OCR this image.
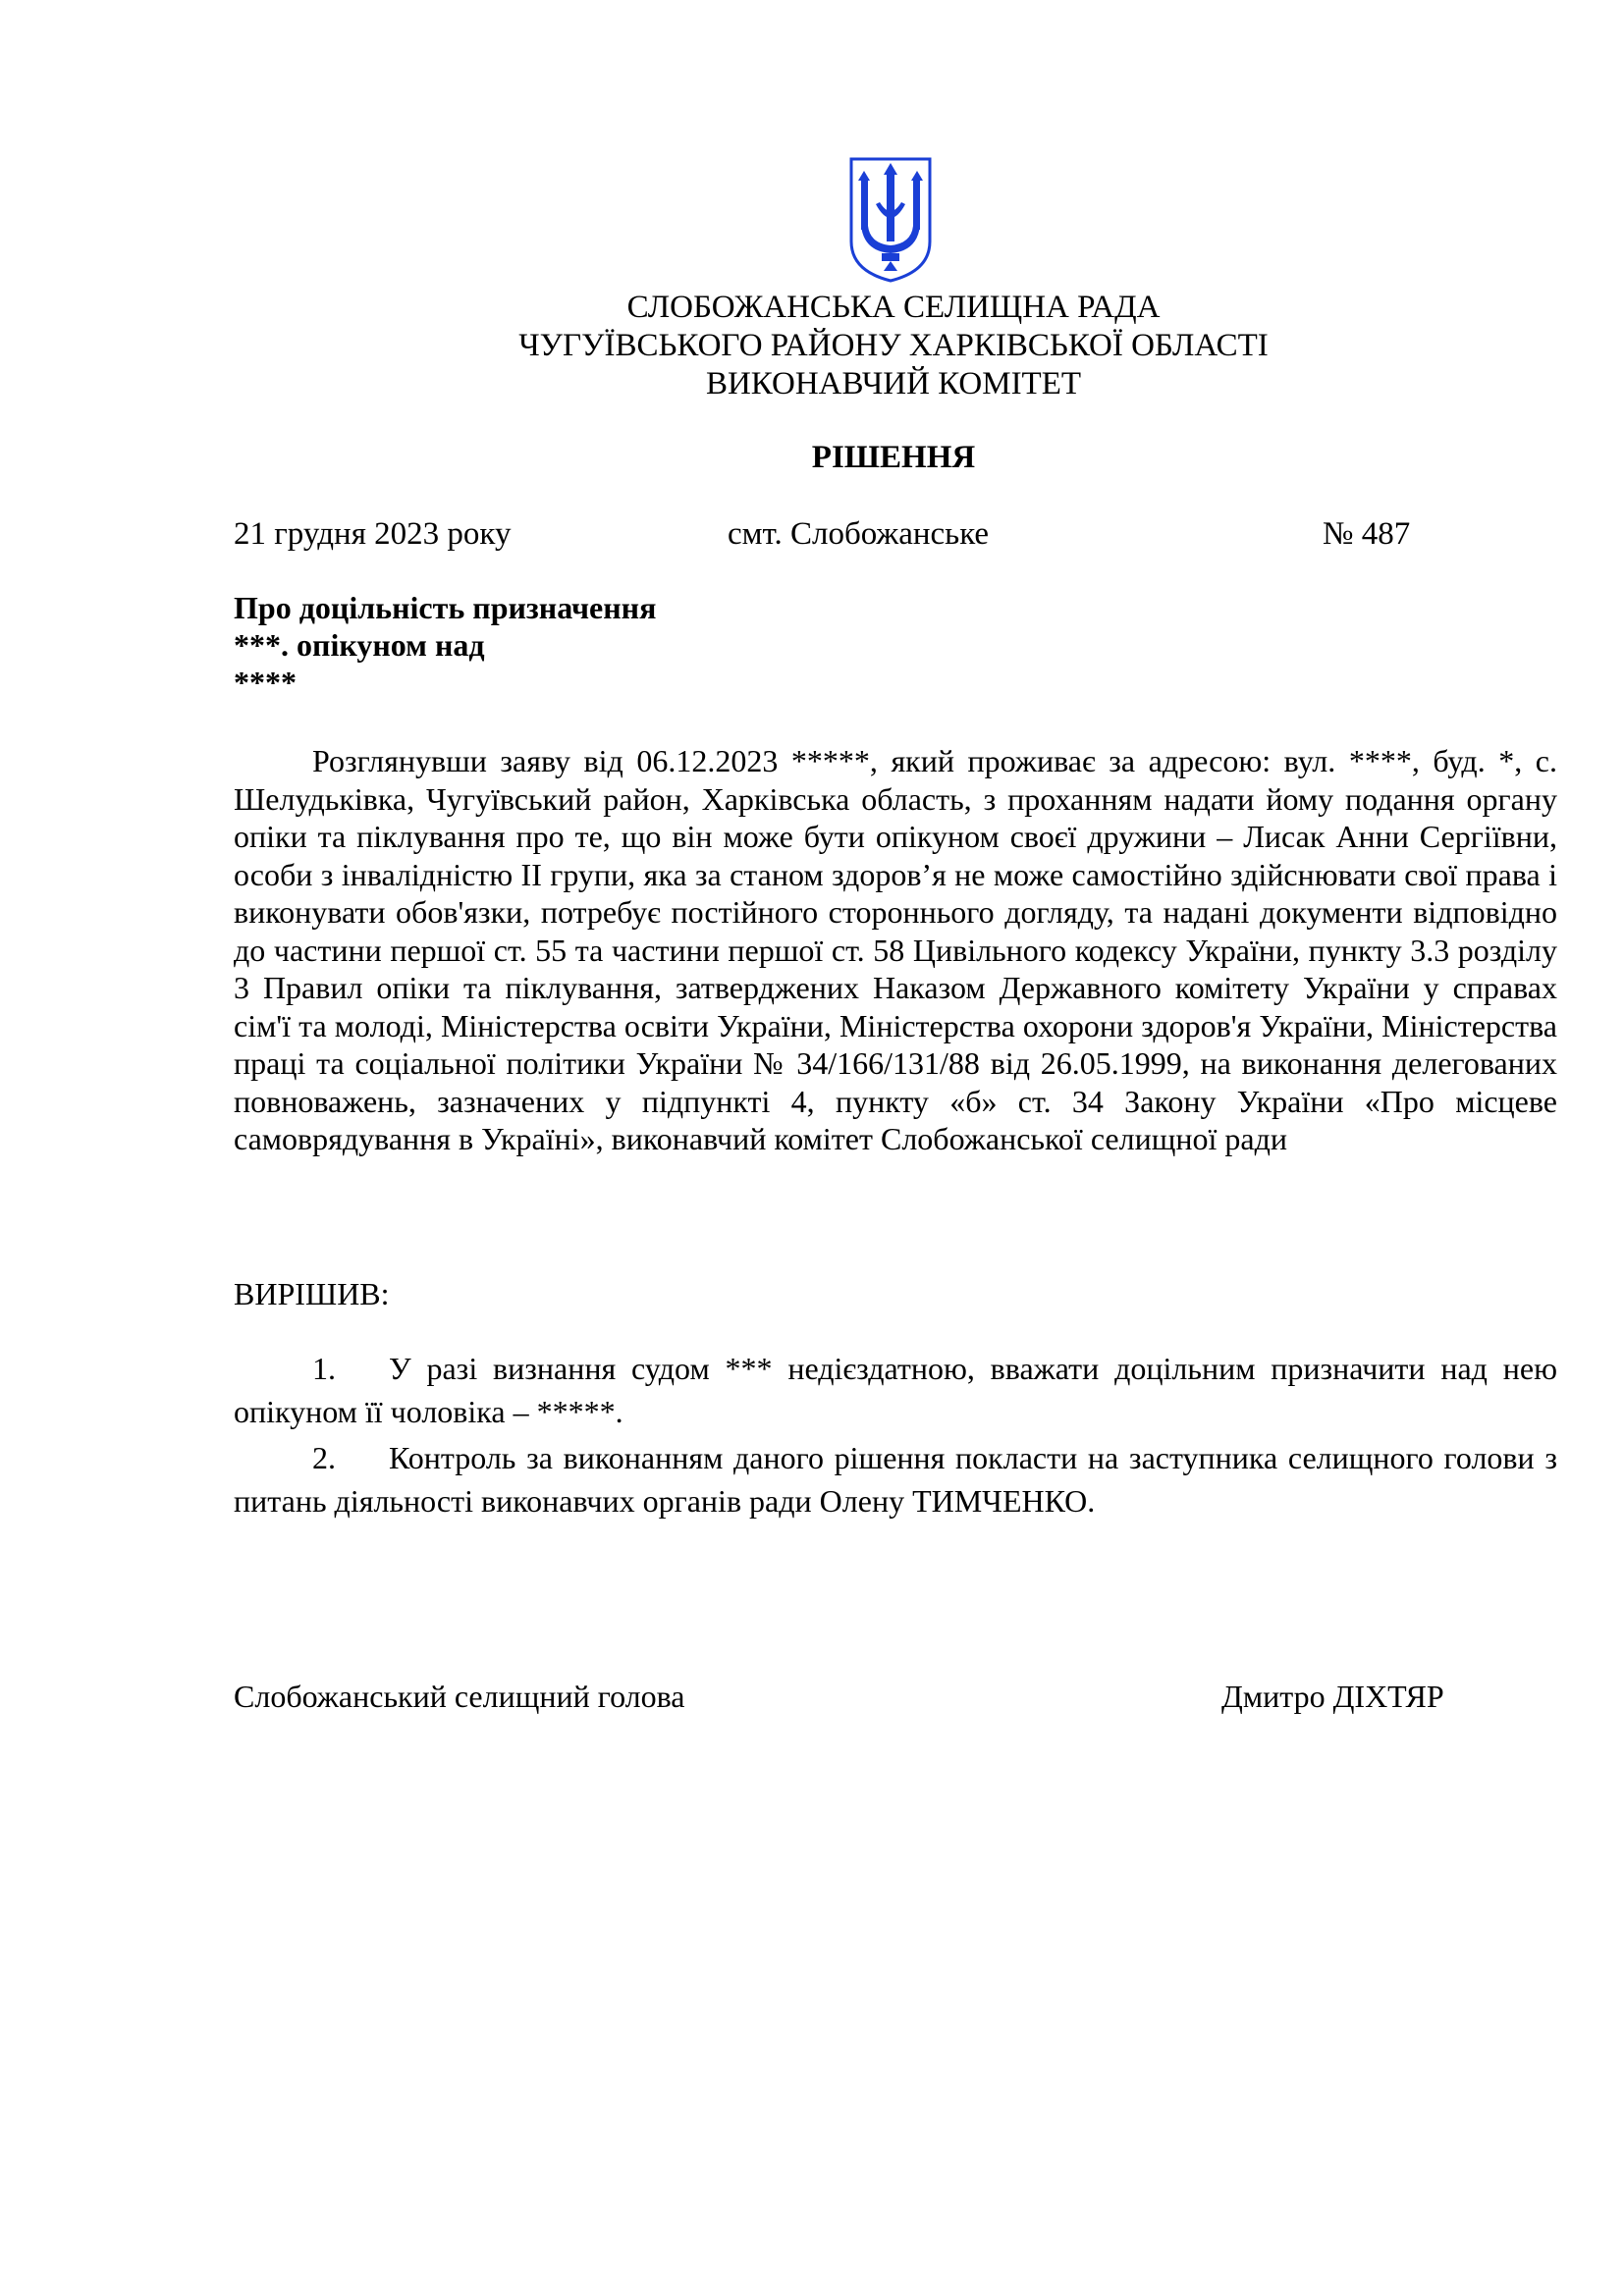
СЛОБОЖАНСЬКА СЕЛИЩНА РАДА
ЧУГУЇВСЬКОГО РАЙОНУ ХАРКІВСЬКОЇ ОБЛАСТІ
ВИКОНАВЧИЙ КОМІТЕТ
РІШЕННЯ
21 грудня 2023 року	смт. Слобожанське	№ 487
Про доцільність призначення
***. опікуном над
****

Розглянувши заяву від 06.12.2023 *****, який проживає за адресою: вул. ****, буд. *, с. Шелудьківка, Чугуївський район, Харківська область, з проханням надати йому подання органу опіки та піклування про те, що він може бути опікуном своєї дружини – Лисак Анни Сергіївни, особи з інвалідністю ІІ групи, яка за станом здоров’я не може самостійно здійснювати свої права і виконувати обов'язки, потребує постійного стороннього догляду, та надані документи відповідно до частини першої ст. 55 та частини першої ст. 58 Цивільного кодексу України, пункту 3.3 розділу 3 Правил опіки та піклування, затверджених Наказом Державного комітету України у справах сім'ї та молоді, Міністерства освіти України, Міністерства охорони здоров'я України, Міністерства праці та соціальної політики України № 34/166/131/88 від 26.05.1999, на виконання делегованих повноважень, зазначених у підпункті 4, пункту «б» ст. 34 Закону України «Про місцеве самоврядування в Україні», виконавчий комітет Слобожанської селищної ради

ВИРІШИВ:

1. У разі визнання судом *** недієздатною, вважати доцільним призначити над нею опікуном її чоловіка – *****.

2. Контроль за виконанням даного рішення покласти на заступника селищного голови з питань діяльності виконавчих органів ради Олену ТИМЧЕНКО.

Слобожанський селищний голова	Дмитро ДІХТЯР
